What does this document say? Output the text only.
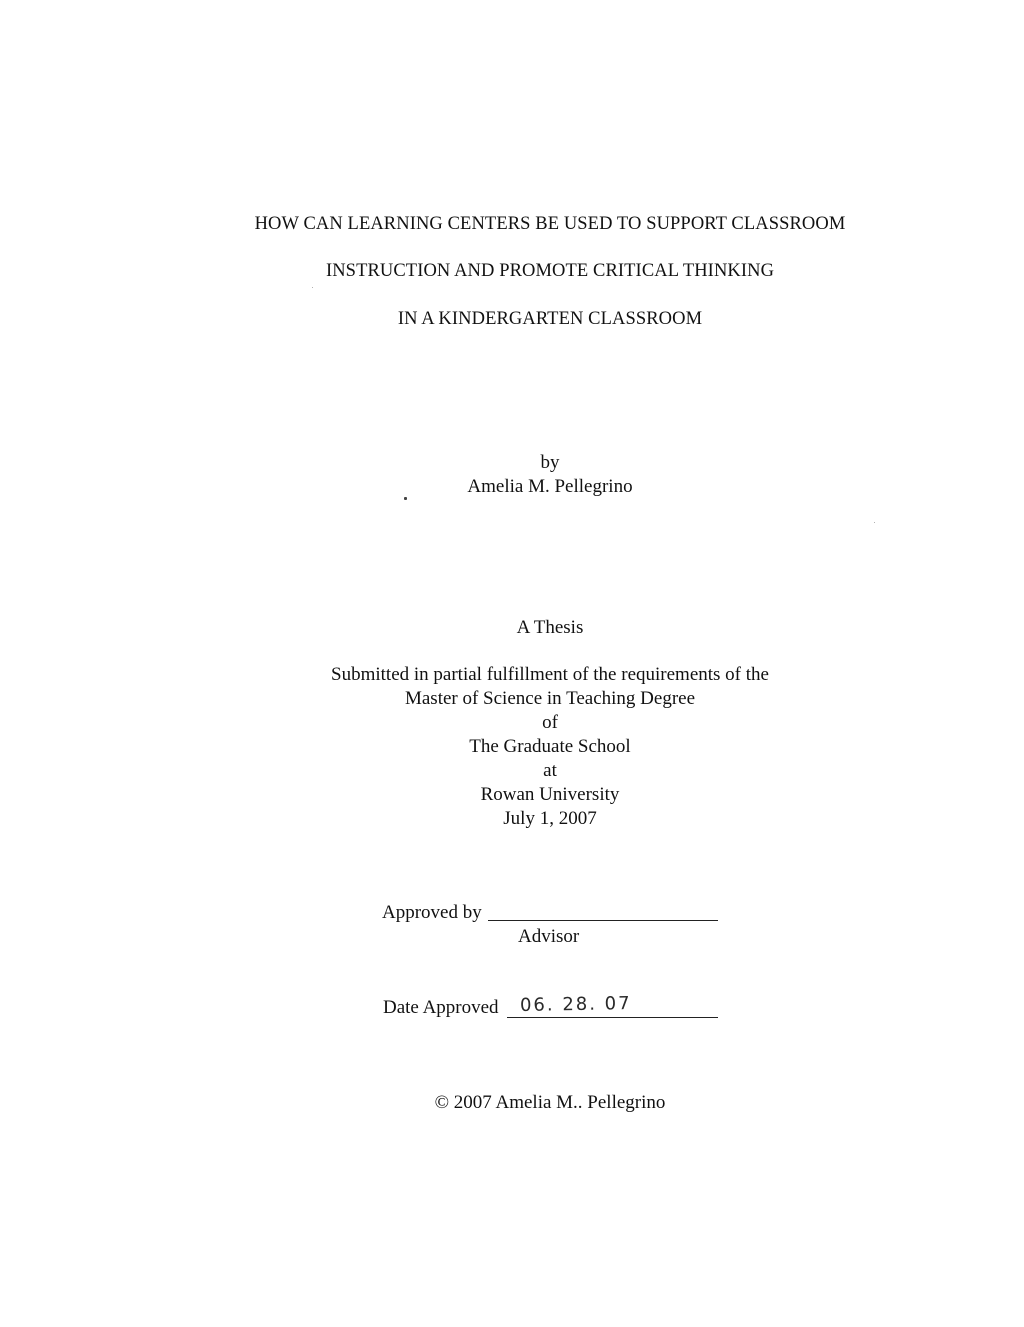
HOW CAN LEARNING CENTERS BE USED TO SUPPORT CLASSROOM
INSTRUCTION AND PROMOTE CRITICAL THINKING
IN A KINDERGARTEN CLASSROOM
by
Amelia M. Pellegrino
A Thesis
Submitted in partial fulfillment of the requirements of the
Master of Science in Teaching Degree
of
The Graduate School
at
Rowan University
July 1, 2007
Approved by
Advisor
Date Approved 06. 28. 07
© 2007 Amelia M.. Pellegrino
